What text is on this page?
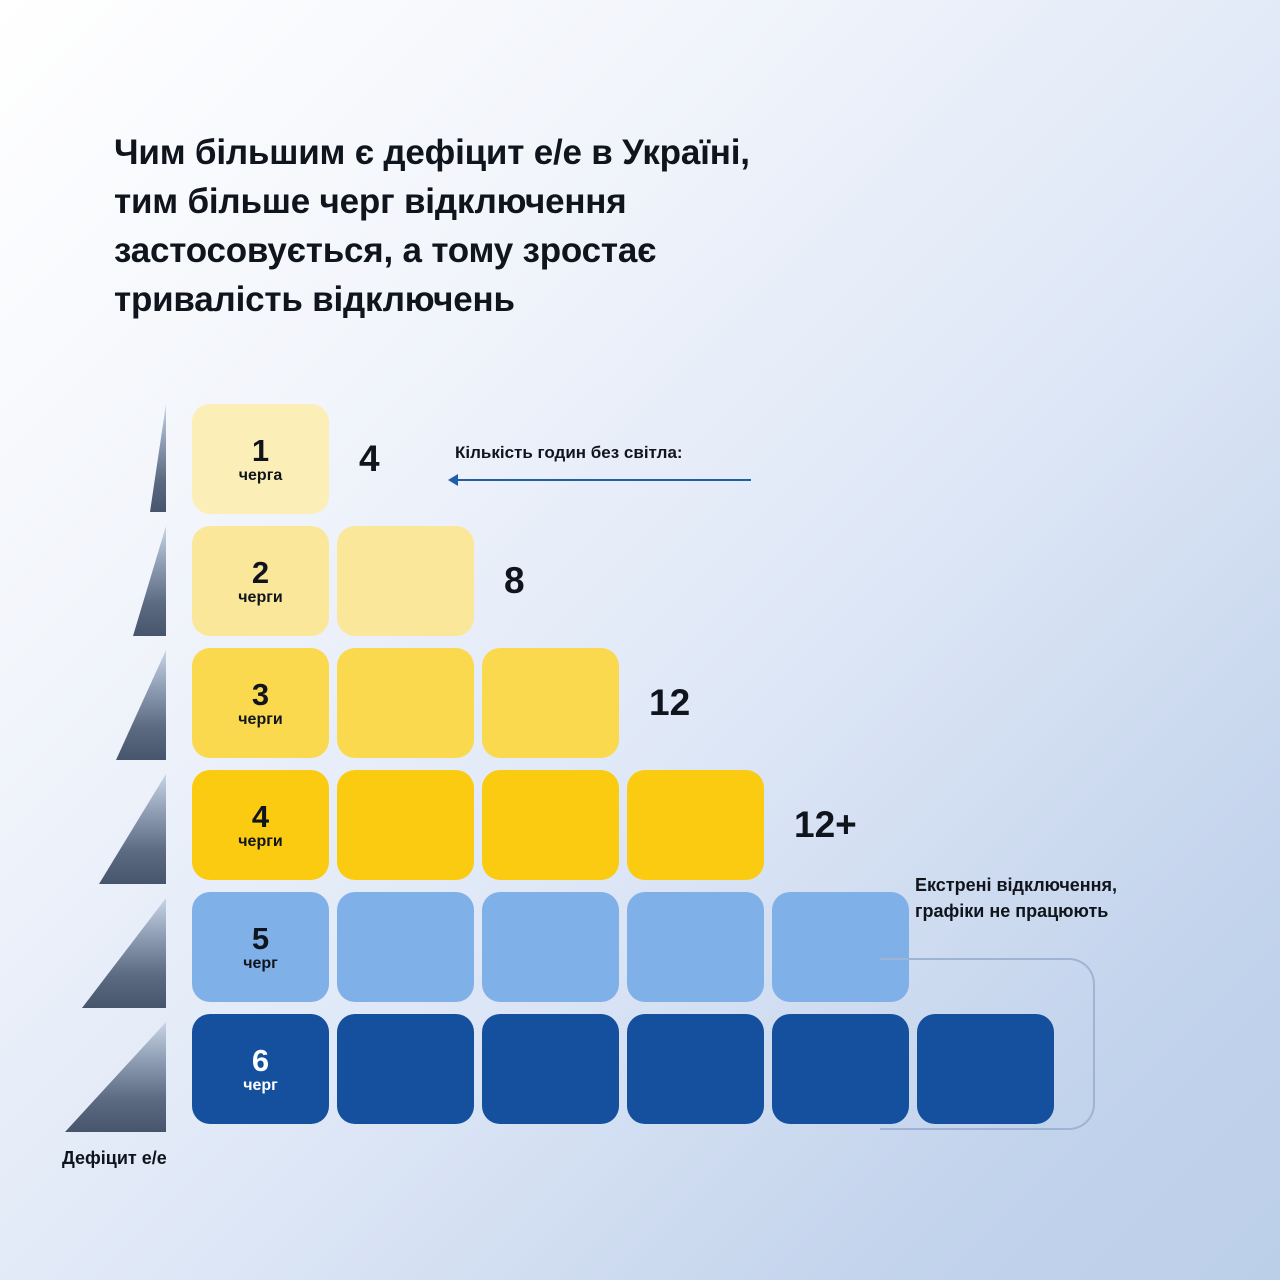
Чим більшим є дефіцит е/е в Україні,
тим більше черг відключення
застосовується, а тому зростає
тривалість відключень
1
черга 4
2
черги	8
3
черги	12
4
черги	12+
5
черг
6
черг
Кількість годин без світла:
Екстрені відключення,
графіки не працюють
Дефіцит е/е
